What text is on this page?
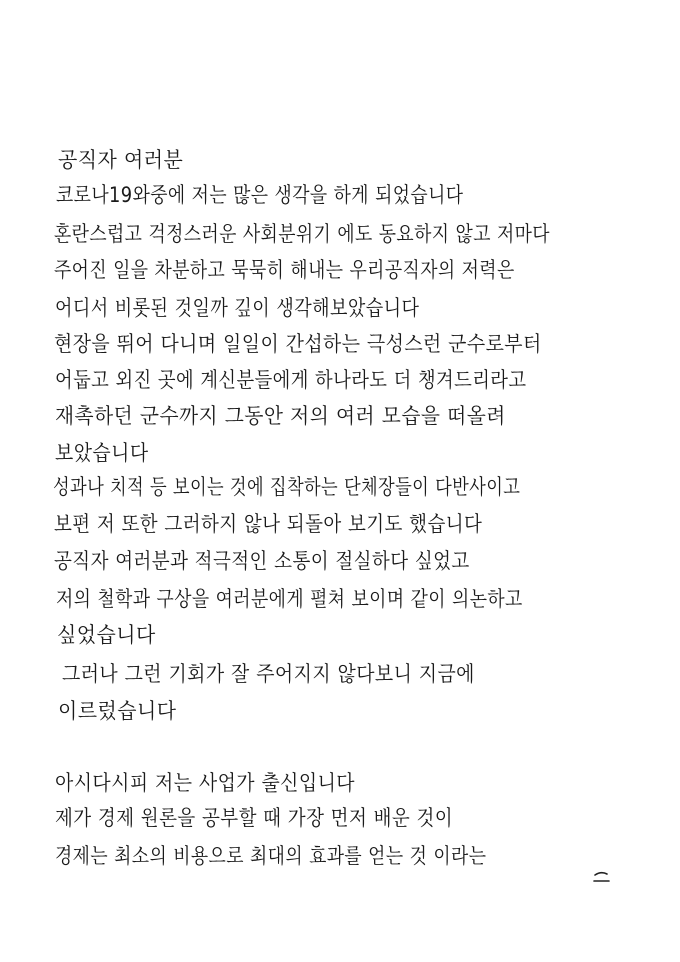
공직자 여러분
코로나19와중에 저는 많은 생각을 하게 되었습니다
혼란스럽고 걱정스러운 사회분위기 에도 동요하지 않고 저마다
주어진 일을 차분하고 묵묵히 해내는 우리공직자의 저력은
어디서 비롯된 것일까 깊이 생각해보았습니다
현장을 뛰어 다니며 일일이 간섭하는 극성스런 군수로부터
어둡고 외진 곳에 계신분들에게 하나라도 더 챙겨드리라고
재촉하던 군수까지 그동안 저의 여러 모습을 떠올려
보았습니다
성과나 치적 등 보이는 것에 집착하는 단체장들이 다반사이고
보편 저 또한 그러하지 않나 되돌아 보기도 했습니다
공직자 여러분과 적극적인 소통이 절실하다 싶었고
저의 철학과 구상을 여러분에게 펼쳐 보이며 같이 의논하고
싶었습니다
그러나 그런 기회가 잘 주어지지 않다보니 지금에
이르렀습니다
아시다시피 저는 사업가 출신입니다
제가 경제 원론을 공부할 때 가장 먼저 배운 것이
경제는 최소의 비용으로 최대의 효과를 얻는 것 이라는
